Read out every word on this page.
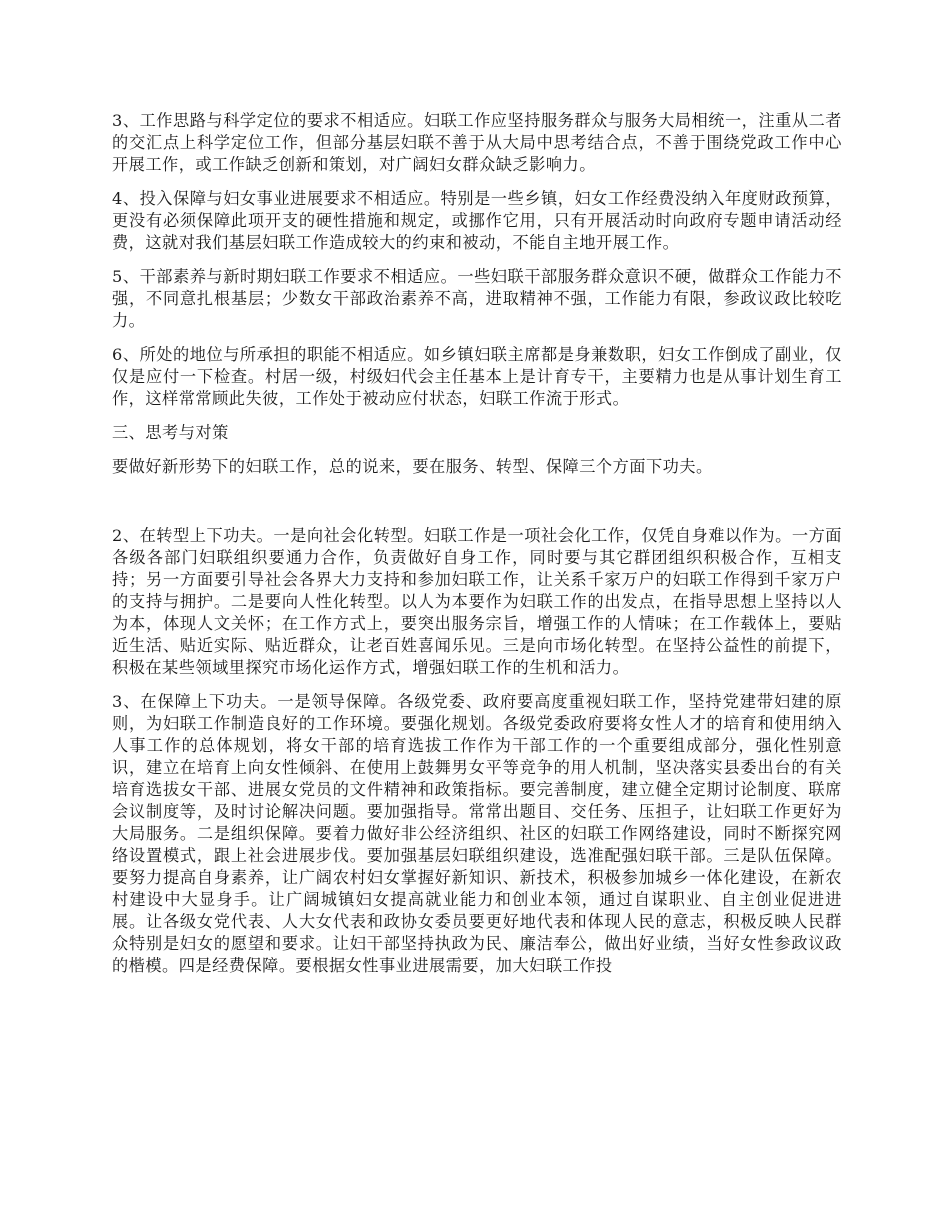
3、工作思路与科学定位的要求不相适应。妇联工作应坚持服务群众与服务大局相统一，注重从二者的交汇点上科学定位工作，但部分基层妇联不善于从大局中思考结合点，不善于围绕党政工作中心开展工作，或工作缺乏创新和策划，对广阔妇女群众缺乏影响力。

4、投入保障与妇女事业进展要求不相适应。特别是一些乡镇，妇女工作经费没纳入年度财政预算，更没有必须保障此项开支的硬性措施和规定，或挪作它用，只有开展活动时向政府专题申请活动经费，这就对我们基层妇联工作造成较大的约束和被动，不能自主地开展工作。

5、干部素养与新时期妇联工作要求不相适应。一些妇联干部服务群众意识不硬，做群众工作能力不强，不同意扎根基层；少数女干部政治素养不高，进取精神不强，工作能力有限，参政议政比较吃力。

6、所处的地位与所承担的职能不相适应。如乡镇妇联主席都是身兼数职，妇女工作倒成了副业，仅仅是应付一下检查。村居一级，村级妇代会主任基本上是计育专干，主要精力也是从事计划生育工作，这样常常顾此失彼，工作处于被动应付状态，妇联工作流于形式。

三、思考与对策

要做好新形势下的妇联工作，总的说来，要在服务、转型、保障三个方面下功夫。

2、在转型上下功夫。一是向社会化转型。妇联工作是一项社会化工作，仅凭自身难以作为。一方面各级各部门妇联组织要通力合作，负责做好自身工作，同时要与其它群团组织积极合作，互相支持；另一方面要引导社会各界大力支持和参加妇联工作，让关系千家万户的妇联工作得到千家万户的支持与拥护。二是要向人性化转型。以人为本要作为妇联工作的出发点，在指导思想上坚持以人为本，体现人文关怀；在工作方式上，要突出服务宗旨，增强工作的人情味；在工作载体上，要贴近生活、贴近实际、贴近群众，让老百姓喜闻乐见。三是向市场化转型。在坚持公益性的前提下，积极在某些领域里探究市场化运作方式，增强妇联工作的生机和活力。

3、在保障上下功夫。一是领导保障。各级党委、政府要高度重视妇联工作，坚持党建带妇建的原则，为妇联工作制造良好的工作环境。要强化规划。各级党委政府要将女性人才的培育和使用纳入人事工作的总体规划，将女干部的培育选拔工作作为干部工作的一个重要组成部分，强化性别意识，建立在培育上向女性倾斜、在使用上鼓舞男女平等竞争的用人机制，坚决落实县委出台的有关培育选拔女干部、进展女党员的文件精神和政策指标。要完善制度，建立健全定期讨论制度、联席会议制度等，及时讨论解决问题。要加强指导。常常出题目、交任务、压担子，让妇联工作更好为大局服务。二是组织保障。要着力做好非公经济组织、社区的妇联工作网络建设，同时不断探究网络设置模式，跟上社会进展步伐。要加强基层妇联组织建设，选准配强妇联干部。三是队伍保障。要努力提高自身素养，让广阔农村妇女掌握好新知识、新技术，积极参加城乡一体化建设，在新农村建设中大显身手。让广阔城镇妇女提高就业能力和创业本领，通过自谋职业、自主创业促进进展。让各级女党代表、人大女代表和政协女委员要更好地代表和体现人民的意志，积极反映人民群众特别是妇女的愿望和要求。让妇干部坚持执政为民、廉洁奉公，做出好业绩，当好女性参政议政的楷模。四是经费保障。要根据女性事业进展需要，加大妇联工作投
